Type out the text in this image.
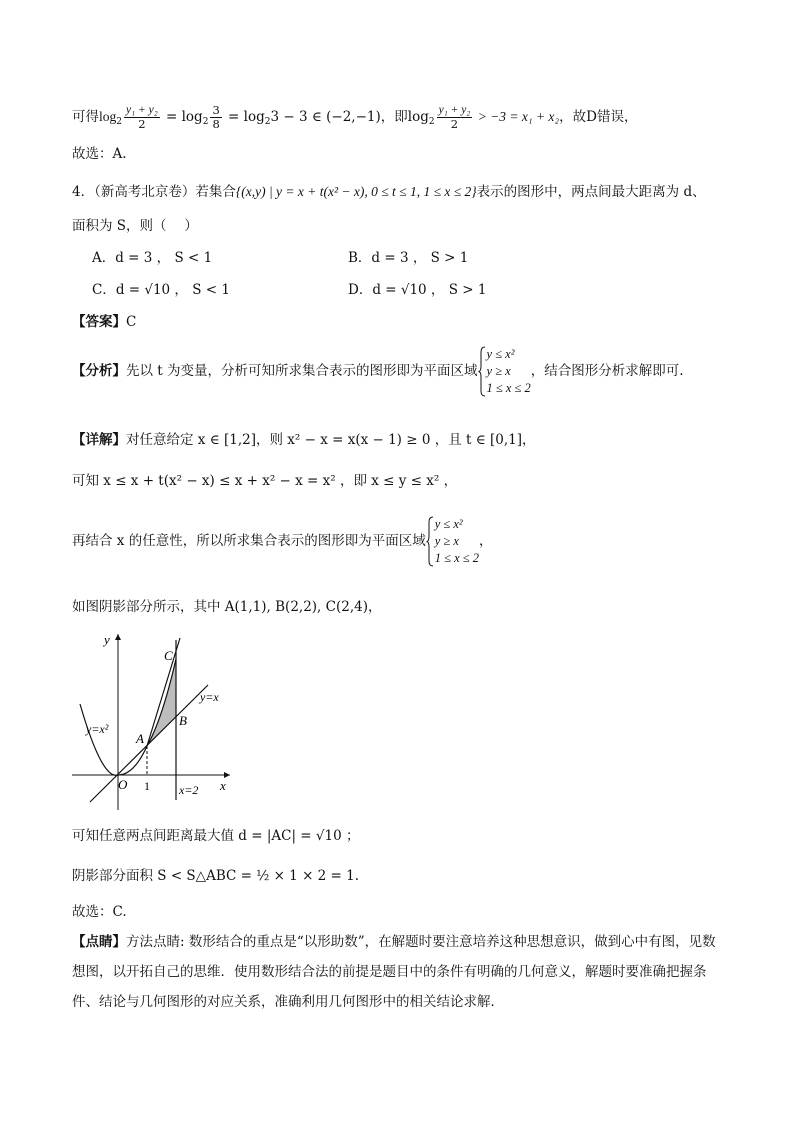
可得$\log_2 \frac{\text{y₁ + y₂}}{2} = \log_2 \frac{3}{8} = \log_23 - 3$ ∈ (−2,−1)，即$\log_2 \frac{\text{y₁ + y₂}}{2} > -3 = x_1 + x_2$，故D错误，
故选：A.
4．（新高考北京卷）若集合{(x,y) | y = x + t(x² − x), 0 ≤ t ≤ 1, 1 ≤ x ≤ 2}表示的图形中，两点间最大距离为 d、
面积为 S，则（　 ）
A．d = 3 ， S < 1	B．d = 3 ， S > 1
C．d = √10 ， S < 1	D．d = √10 ， S > 1
【答案】C
【分析】先以 t 为变量，分析可知所求集合表示的图形即为平面区域
y ≤ x²
y ≥ x
1 ≤ x ≤ 2
，结合图形分析求解即可.
【详解】对任意给定 x ∈ [1,2]，则 x² − x = x(x − 1) ≥ 0 ，且 t ∈ [0,1]，
可知 x ≤ x + t(x² − x) ≤ x + x² − x = x² ，即 x ≤ y ≤ x² ，
再结合 x 的任意性，所以所求集合表示的图形即为平面区域
y ≤ x²
y ≥ x
1 ≤ x ≤ 2
，
如图阴影部分所示，其中 A(1,1), B(2,2), C(2,4)，
y
x
O 1
C
B
A
y=x²
y=x
x=2
可知任意两点间距离最大值 d = |AC| = √10 ；
阴影部分面积 S < S△ABC = ½ × 1 × 2 = 1.
故选：C.
【点睛】方法点睛: 数形结合的重点是“以形助数”，在解题时要注意培养这种思想意识，做到心中有图，见数想图，以开拓自己的思维．使用数形结合法的前提是题目中的条件有明确的几何意义，解题时要准确把握条件、结论与几何图形的对应关系，准确利用几何图形中的相关结论求解．
